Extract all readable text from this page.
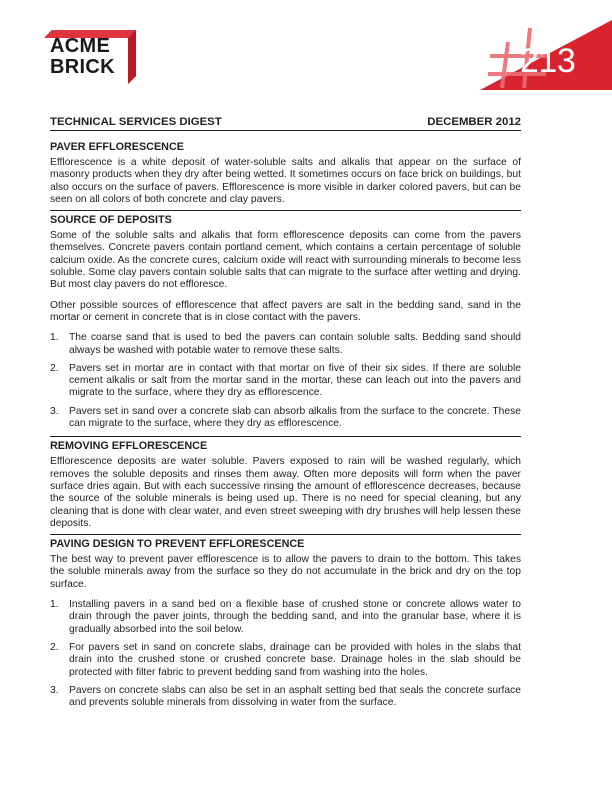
ACME
BRICK	213
TECHNICAL SERVICES DIGEST	DECEMBER 2012
PAVER EFFLORESCENCE

Efflorescence is a white deposit of water-soluble salts and alkalis that appear on the surface of masonry products when they dry after being wetted. It sometimes occurs on face brick on buildings, but also occurs on the surface of pavers. Efflorescence is more visible in darker colored pavers, but can be seen on all colors of both concrete and clay pavers.

SOURCE OF DEPOSITS

Some of the soluble salts and alkalis that form efflorescence deposits can come from the pavers themselves. Concrete pavers contain portland cement, which contains a certain percentage of soluble calcium oxide. As the concrete cures, calcium oxide will react with surrounding minerals to become less soluble. Some clay pavers contain soluble salts that can migrate to the surface after wetting and drying. But most clay pavers do not effloresce.

Other possible sources of efflorescence that affect pavers are salt in the bedding sand, sand in the mortar or cement in concrete that is in close contact with the pavers.

1. The coarse sand that is used to bed the pavers can contain soluble salts. Bedding sand should always be washed with potable water to remove these salts.
2. Pavers set in mortar are in contact with that mortar on five of their six sides. If there are soluble cement alkalis or salt from the mortar sand in the mortar, these can leach out into the pavers and migrate to the surface, where they dry as efflorescence.
3. Pavers set in sand over a concrete slab can absorb alkalis from the surface to the concrete. These can migrate to the surface, where they dry as efflorescence.
REMOVING EFFLORESCENCE

Efflorescence deposits are water soluble. Pavers exposed to rain will be washed regularly, which removes the soluble deposits and rinses them away. Often more deposits will form when the paver surface dries again. But with each successive rinsing the amount of efflorescence decreases, because the source of the soluble minerals is being used up. There is no need for special cleaning, but any cleaning that is done with clear water, and even street sweeping with dry brushes will help lessen these deposits.

PAVING DESIGN TO PREVENT EFFLORESCENCE

The best way to prevent paver efflorescence is to allow the pavers to drain to the bottom. This takes the soluble minerals away from the surface so they do not accumulate in the brick and dry on the top surface.

1. Installing pavers in a sand bed on a flexible base of crushed stone or concrete allows water to drain through the paver joints, through the bedding sand, and into the granular base, where it is gradually absorbed into the soil below.
2. For pavers set in sand on concrete slabs, drainage can be provided with holes in the slabs that drain into the crushed stone or crushed concrete base. Drainage holes in the slab should be protected with filter fabric to prevent bedding sand from washing into the holes.
3. Pavers on concrete slabs can also be set in an asphalt setting bed that seals the concrete surface and prevents soluble minerals from dissolving in water from the surface.
